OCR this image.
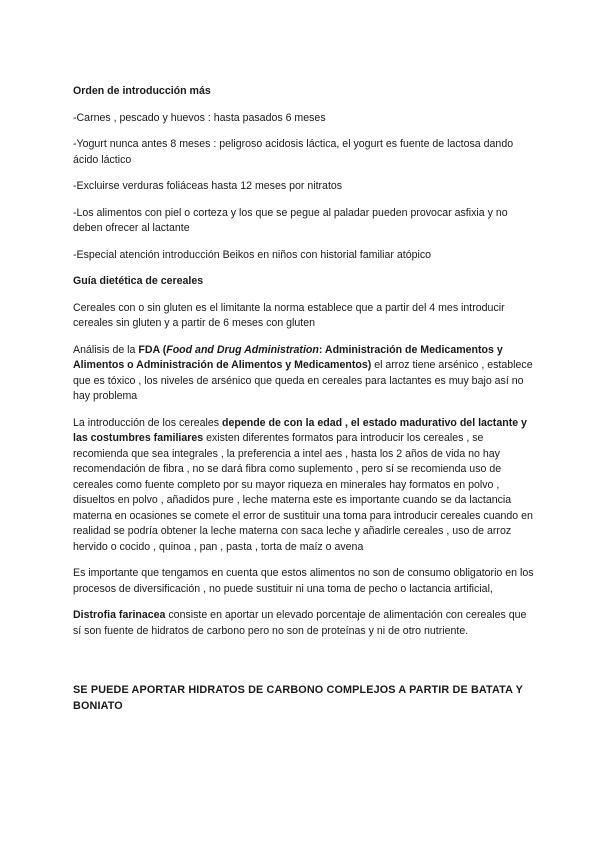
Orden de introducción más
-Carnes , pescado y huevos : hasta pasados 6 meses
-Yogurt nunca antes 8 meses : peligroso acidosis láctica, el yogurt es fuente de lactosa dando ácido láctico
-Excluirse verduras foliáceas hasta 12 meses por nitratos
-Los alimentos con piel o corteza y los que se pegue al paladar pueden provocar asfixia y no deben ofrecer al lactante
-Especial atención introducción Beikos en niños con historial familiar atópico
Guía dietética de cereales
Cereales con o sin gluten es el limitante la norma establece que a partir del 4 mes introducir cereales sin gluten y a partir de 6 meses con gluten
Análisis de la FDA (Food and Drug Administration: Administración de Medicamentos y Alimentos o Administración de Alimentos y Medicamentos) el arroz tiene arsénico , establece que es tóxico , los niveles de arsénico que queda en cereales para lactantes es muy bajo así no hay problema
La introducción de los cereales depende de con la edad , el estado madurativo del lactante y las costumbres familiares existen diferentes formatos para introducir los cereales , se recomienda que sea integrales , la preferencia a intel aes , hasta los 2 años de vida no hay recomendación de fibra , no se dará fibra como suplemento , pero sí se recomienda uso de cereales como fuente completo por su mayor riqueza en minerales hay formatos en polvo , disueltos en polvo , añadidos pure , leche materna este es importante cuando se da lactancia materna en ocasiones se comete el error de sustituir una toma para introducir cereales cuando en realidad se podría obtener la leche materna con saca leche y añadirle cereales , uso de arroz hervido o cocido , quinoa , pan , pasta , torta de maíz o avena
Es importante que tengamos en cuenta que estos alimentos no son de consumo obligatorio en los procesos de diversificación , no puede sustituir ni una toma de pecho o lactancia artificial,
Distrofia farinacea consiste en aportar un elevado porcentaje de alimentación con cereales que sí son fuente de hidratos de carbono pero no son de proteínas y ni de otro nutriente.
SE PUEDE APORTAR HIDRATOS DE CARBONO COMPLEJOS A PARTIR DE BATATA Y BONIATO
